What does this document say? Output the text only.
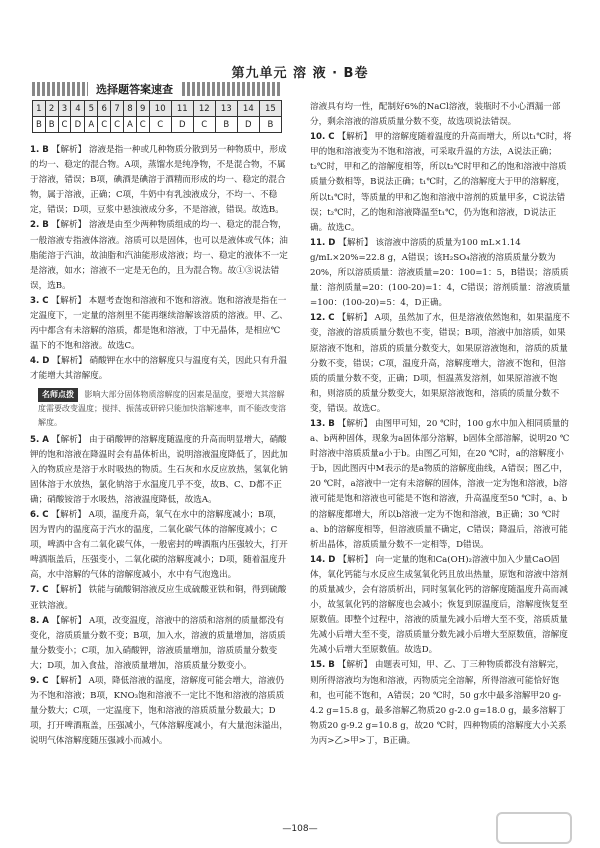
第九单元 溶 液 · B卷
选择题答案速查
1	2	3	4	5	6	7	8	9	10	11	12	13	14	15
B	B	C	D	A	C	C	A	C	C	D	C	B	D	B

1. B 【解析】 溶液是指一种或几种物质分散到另一种物质中，形成的均一、稳定的混合物。A项，蒸馏水是纯净物，不是混合物，不属于溶液，错误；B项，碘酒是碘溶于酒精而形成的均一、稳定的混合物，属于溶液，正确；C项，牛奶中有乳浊液成分，不均一、不稳定，错误；D项，豆浆中悬浊液成分多，不是溶液，错误。故选B。

2. B 【解析】 溶液是由至少两种物质组成的均一、稳定的混合物，一般溶液专指液体溶液。溶质可以是固体，也可以是液体或气体；油脂能溶于汽油，故油脂和汽油能形成溶液；均一、稳定的液体不一定是溶液，如水；溶液不一定是无色的，且为混合物。故①③说法错误，选B。

3. C 【解析】 本题考查饱和溶液和不饱和溶液。饱和溶液是指在一定温度下，一定量的溶剂里不能再继续溶解该溶质的溶液。甲、乙、丙中都含有未溶解的溶质，都是饱和溶液，丁中无晶体，是相应℃温下的不饱和溶液。故选C。

4. D 【解析】 硝酸钾在水中的溶解度只与温度有关，因此只有升温才能增大其溶解度。

名师点拨 影响大部分固体物质溶解度的因素是温度，要增大其溶解度需要改变温度；搅拌、振荡或研碎只能加快溶解速率，而不能改变溶解度。

5. A 【解析】 由于硝酸钾的溶解度随温度的升高而明显增大，硝酸钾的饱和溶液在降温时会有晶体析出，说明溶液温度降低了，因此加入的物质应是溶于水时吸热的物质。生石灰和水反应放热，氢氧化钠固体溶于水放热，氯化钠溶于水温度几乎不变，故B、C、D都不正确；硝酸铵溶于水吸热，溶液温度降低，故选A。

6. C 【解析】 A项，温度升高，氧气在水中的溶解度减小；B项，因为胃内的温度高于汽水的温度，二氧化碳气体的溶解度减小；C项，啤酒中含有二氧化碳气体，一般密封的啤酒瓶内压强较大，打开啤酒瓶盖后，压强变小，二氧化碳的溶解度减小；D项，随着温度升高，水中溶解的气体的溶解度减小，水中有气泡逸出。

7. C 【解析】 铁能与硫酸铜溶液反应生成硫酸亚铁和铜，得到硫酸亚铁溶液。

8. A 【解析】 A项，改变温度，溶液中的溶质和溶剂的质量都没有变化，溶质质量分数不变；B项，加入水，溶液的质量增加，溶质质量分数变小；C项，加入硝酸钾，溶液质量增加，溶质质量分数变大；D项，加入食盐，溶液质量增加，溶质质量分数变小。

9. C 【解析】 A项，降低溶液的温度，溶解度可能会增大，溶液仍为不饱和溶液；B项，KNO₃饱和溶液不一定比不饱和溶液的溶质质量分数大；C项，一定温度下，饱和溶液的溶质质量分数最大；D项，打开啤酒瓶盖，压强减小，气体溶解度减小，有大量泡沫溢出，说明气体溶解度随压强减小而减小。

溶液具有均一性，配制好6%的NaCl溶液，装瓶时不小心洒漏一部分，剩余溶液的溶质质量分数不变，故选项说法错误。

10. C 【解析】 甲的溶解度随着温度的升高而增大，所以t₁℃时，将甲的饱和溶液变为不饱和溶液，可采取升温的方法，A说法正确；t₂℃时，甲和乙的溶解度相等，所以t₂℃时甲和乙的饱和溶液中溶质质量分数相等，B说法正确；t₁℃时，乙的溶解度大于甲的溶解度，所以t₁℃时，等质量的甲和乙饱和溶液中溶剂的质量甲多，C说法错误；t₂℃时，乙的饱和溶液降温至t₁℃，仍为饱和溶液，D说法正确。故选C。

11. D 【解析】 该溶液中溶质的质量为100 mL×1.14 g/mL×20%=22.8 g，A错误；该H₂SO₄溶液的溶质质量分数为20%，所以溶质质量：溶液质量=20：100=1：5，B错误；溶质质量：溶剂质量=20：(100-20)=1：4，C错误；溶剂质量：溶液质量=100：(100-20)=5：4，D正确。

12. C 【解析】 A项，虽然加了水，但是溶液依然饱和，如果温度不变，溶液的溶质质量分数也不变，错误；B项，溶液中加溶质，如果原溶液不饱和，溶质的质量分数变大，如果原溶液饱和，溶质的质量分数不变，错误；C项，温度升高，溶解度增大，溶液不饱和，但溶质的质量分数不变，正确；D项，恒温蒸发溶剂，如果原溶液不饱和，则溶质的质量分数变大，如果原溶液饱和，溶质的质量分数不变，错误。故选C。

13. B 【解析】 由图甲可知，20 ℃时，100 g水中加入相同质量的a、b两种固体，现象为a固体部分溶解，b固体全部溶解，说明20 ℃时溶液中溶质质量a小于b。由图乙可知，在20 ℃时，a的溶解度小于b，因此图丙中M表示的是a物质的溶解度曲线，A错误；图乙中，20 ℃时，a溶液中一定有未溶解的固体，溶液一定为饱和溶液，b溶液可能是饱和溶液也可能是不饱和溶液，升高温度至50 ℃时，a、b的溶解度都增大，所以b溶液一定为不饱和溶液，B正确；30 ℃时a、b的溶解度相等，但溶液质量不确定，C错误；降温后，溶液可能析出晶体，溶质质量分数不一定相等，D错误。

14. D 【解析】 向一定量的饱和Ca(OH)₂溶液中加入少量CaO固体，氧化钙能与水反应生成氢氧化钙且放出热量，原饱和溶液中溶剂的质量减少，会有溶质析出，同时氢氧化钙的溶解度随温度升高而减小，故氢氧化钙的溶解度也会减小；恢复到原温度后，溶解度恢复至原数值。即整个过程中，溶液的质量先减小后增大至不变，溶质质量先减小后增大至不变，溶质质量分数先减小后增大至原数值，溶解度先减小后增大至原数值。故选D。

15. B 【解析】 由题表可知，甲、乙、丁三种物质都没有溶解完，则所得溶液均为饱和溶液，丙物质完全溶解，所得溶液可能恰好饱和，也可能不饱和，A错误；20 ℃时，50 g水中最多溶解甲20 g-4.2 g=15.8 g，最多溶解乙物质20 g-2.0 g=18.0 g，最多溶解丁物质20 g-9.2 g=10.8 g，故20 ℃时，四种物质的溶解度大小关系为丙>乙>甲>丁，B正确。

—108—
